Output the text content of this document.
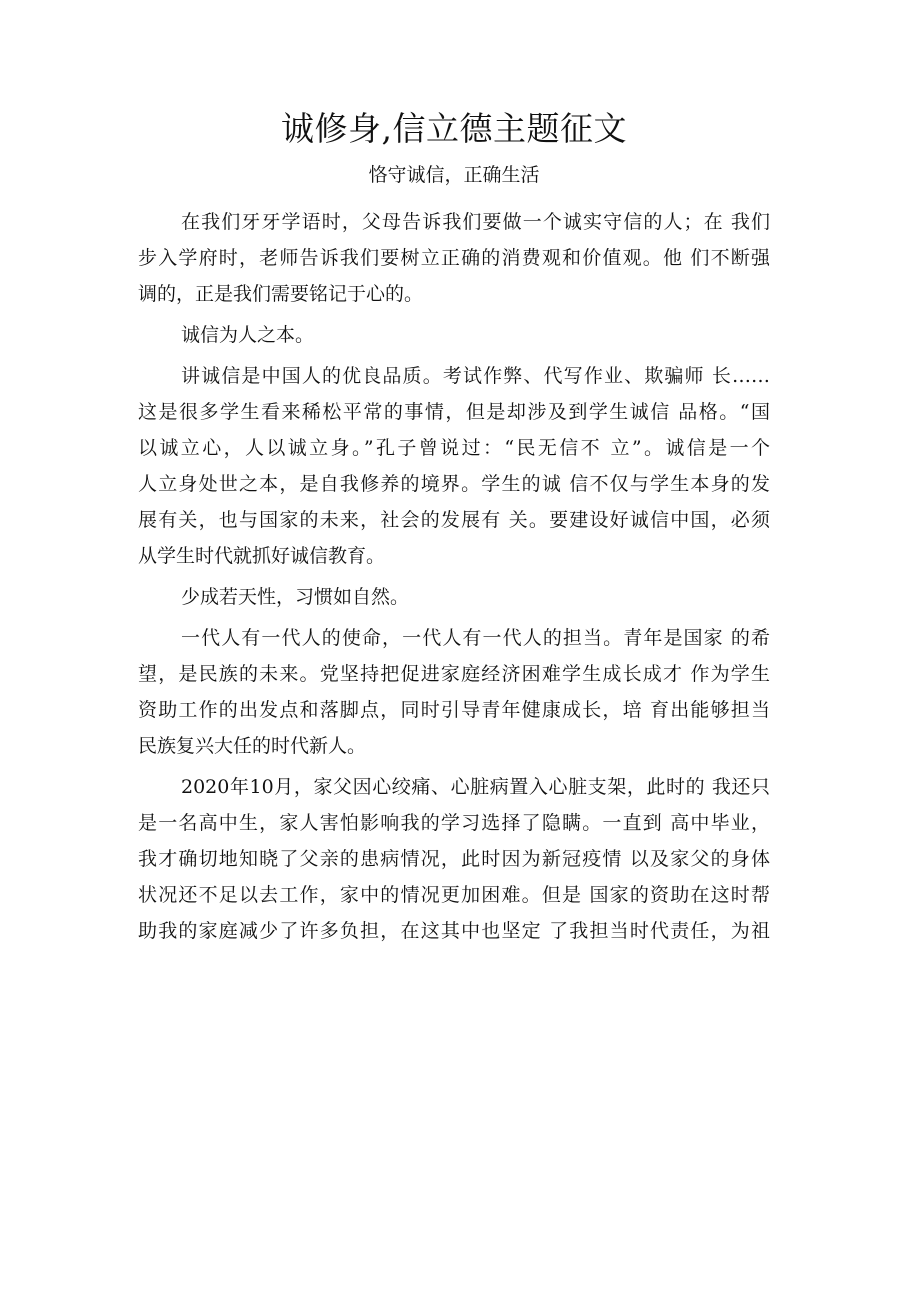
诚修身,信立德主题征文
恪守诚信，正确生活

在我们牙牙学语时，父母告诉我们要做一个诚实守信的人；在 我们
步入学府时，老师告诉我们要树立正确的消费观和价值观。他 们不断强
调的，正是我们需要铭记于心的。

诚信为人之本。

讲诚信是中国人的优良品质。考试作弊、代写作业、欺骗师 长……
这是很多学生看来稀松平常的事情，但是却涉及到学生诚信 品格。“国
以诚立心，人以诚立身。”孔子曾说过：“民无信不 立”。诚信是一个
人立身处世之本，是自我修养的境界。学生的诚 信不仅与学生本身的发
展有关，也与国家的未来，社会的发展有 关。要建设好诚信中国，必须
从学生时代就抓好诚信教育。

少成若天性，习惯如自然。

一代人有一代人的使命，一代人有一代人的担当。青年是国家 的希
望，是民族的未来。党坚持把促进家庭经济困难学生成长成才 作为学生
资助工作的出发点和落脚点，同时引导青年健康成长，培 育出能够担当
民族复兴大任的时代新人。

2020年10月，家父因心绞痛、心脏病置入心脏支架，此时的 我还只
是一名高中生，家人害怕影响我的学习选择了隐瞒。一直到 高中毕业，
我才确切地知晓了父亲的患病情况，此时因为新冠疫情 以及家父的身体
状况还不足以去工作，家中的情况更加困难。但是 国家的资助在这时帮
助我的家庭减少了许多负担，在这其中也坚定 了我担当时代责任，为祖
